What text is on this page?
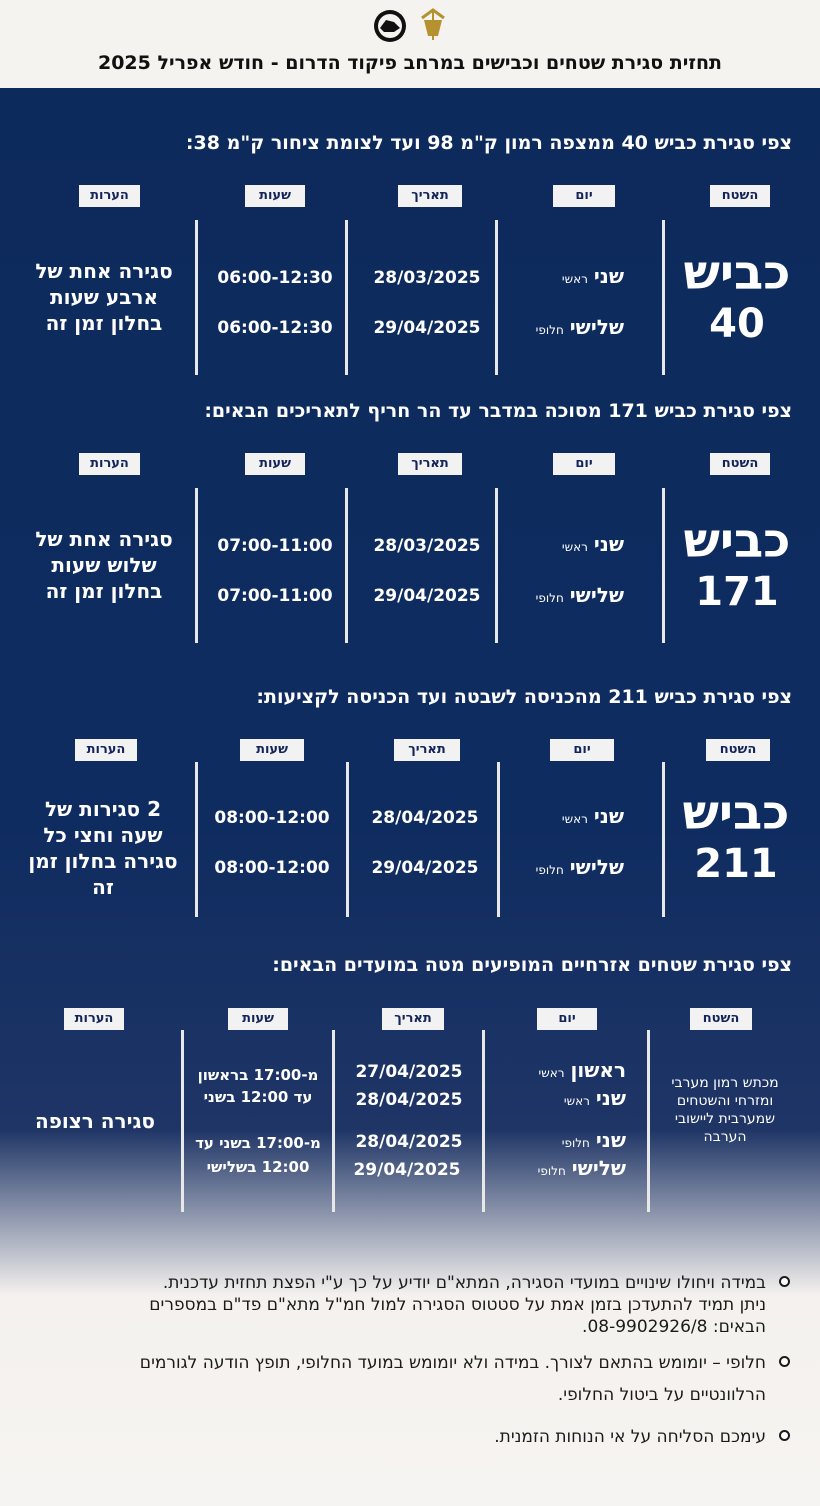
תחזית סגירת שטחים וכבישים במרחב פיקוד הדרום - חודש אפריל 2025
צפי סגירת כביש 40 ממצפה רמון ק"מ 98 ועד לצומת ציחור ק"מ 38:
השטח
יום
תאריך
שעות
הערות
כביש
40
שניראשי
שלישיחלופי
28/03/2025
29/04/2025
06:00-12:30
06:00-12:30
סגירה אחת של ארבע שעות בחלון זמן זה
צפי סגירת כביש 171 מסוכה במדבר עד הר חריף לתאריכים הבאים:
השטח
יום
תאריך
שעות
הערות
כביש
171
שניראשי
שלישיחלופי
28/03/2025
29/04/2025
07:00-11:00
07:00-11:00
סגירה אחת של שלוש שעות בחלון זמן זה
צפי סגירת כביש 211 מהכניסה לשבטה ועד הכניסה לקציעות:
השטח
יום
תאריך
שעות
הערות
כביש
211
שניראשי
שלישיחלופי
28/04/2025
29/04/2025
08:00-12:00
08:00-12:00
2 סגירות של שעה וחצי כל סגירה בחלון זמן זה
צפי סגירת שטחים אזרחיים המופיעים מטה במועדים הבאים:
השטח
יום
תאריך
שעות
הערות
מכתש רמון מערבי ומזרחי והשטחים שמערבית ליישובי הערבה
ראשוןראשי
שניראשי
שניחלופי
שלישיחלופי
27/04/2025
28/04/2025
28/04/2025
29/04/2025
מ-17:00 בראשון
עד 12:00 בשני
מ-17:00 בשני עד
12:00 בשלישי
סגירה רצופה
במידה ויחולו שינויים במועדי הסגירה, המתא"ם יודיע על כך ע"י הפצת תחזית עדכנית.
ניתן תמיד להתעדכן בזמן אמת על סטטוס הסגירה למול חמ"ל מתא"ם פד"ם במספרים
הבאים: 08-9902926/8.
חלופי – יומומש בהתאם לצורך. במידה ולא יומומש במועד החלופי, תופץ הודעה לגורמים
הרלוונטיים על ביטול החלופי.
עימכם הסליחה על אי הנוחות הזמנית.
